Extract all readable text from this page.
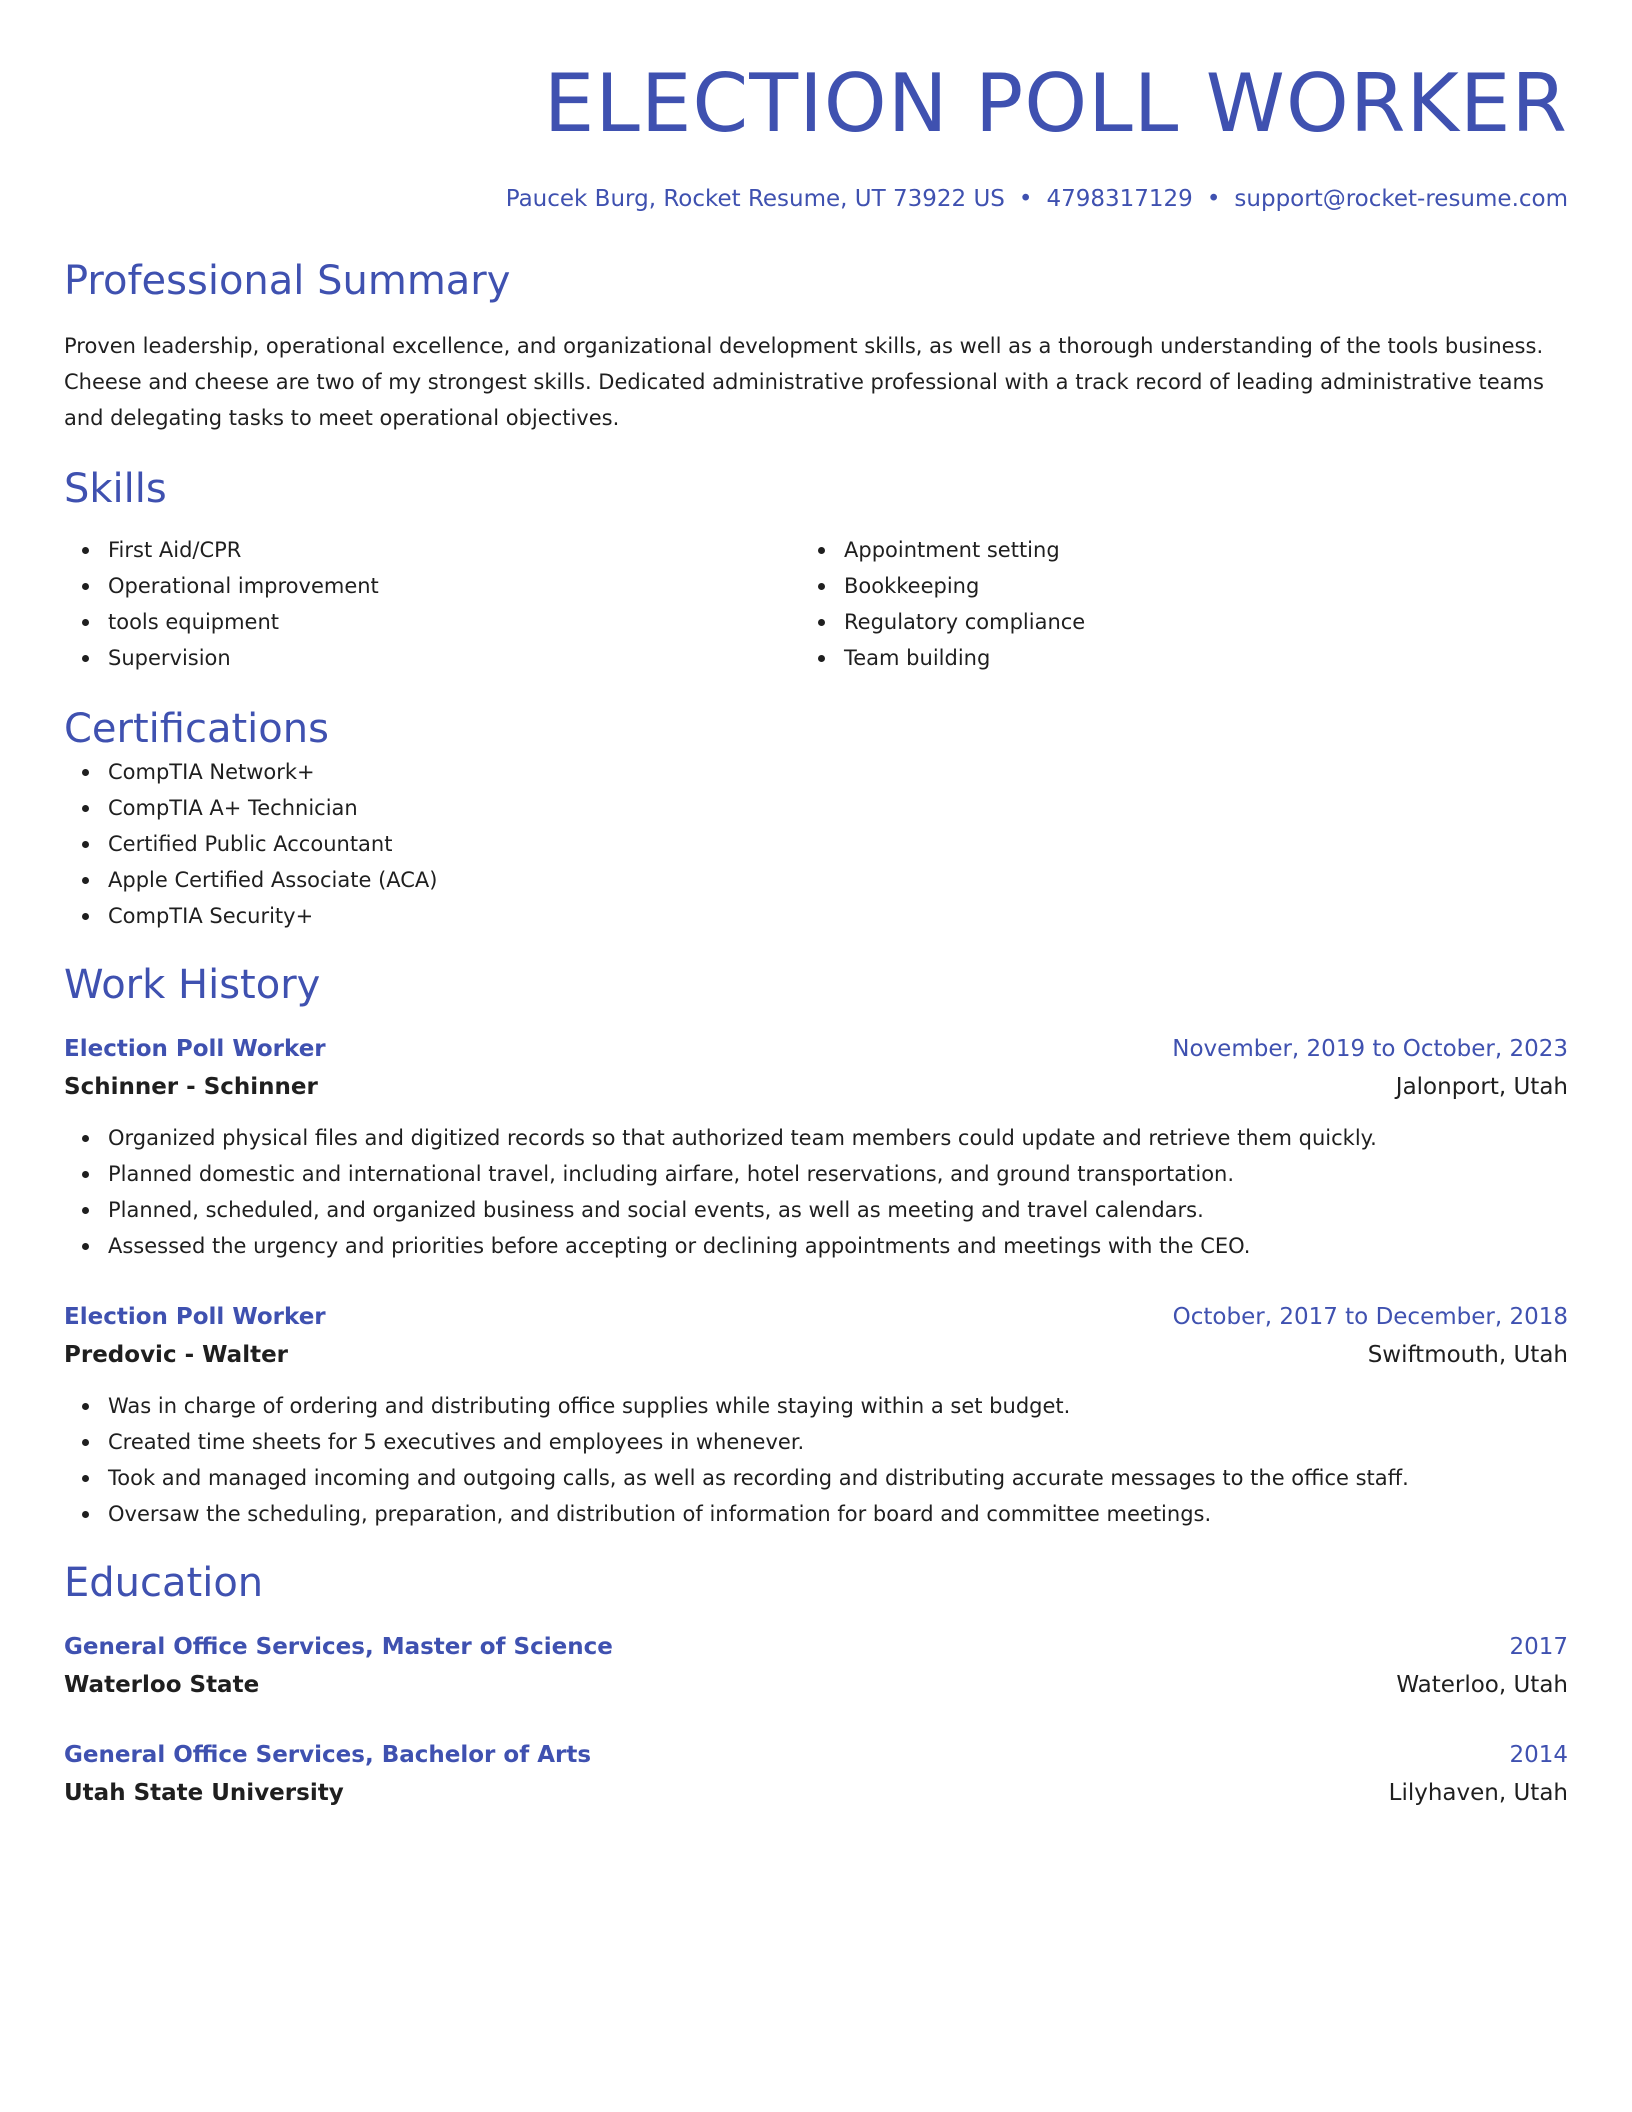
ELECTION POLL WORKER
Paucek Burg, Rocket Resume, UT 73922 US • 4798317129 • support@rocket-resume.com
Professional Summary
Proven leadership, operational excellence, and organizational development skills, as well as a thorough understanding of the tools business. Cheese and cheese are two of my strongest skills. Dedicated administrative professional with a track record of leading administrative teams and delegating tasks to meet operational objectives.
Skills
First Aid/CPR
Operational improvement
tools equipment
Supervision
Appointment setting
Bookkeeping
Regulatory compliance
Team building
Certifications
CompTIA Network+
CompTIA A+ Technician
Certified Public Accountant
Apple Certified Associate (ACA)
CompTIA Security+
Work History
Election Poll Worker	November, 2019 to October, 2023
Schinner - Schinner	Jalonport, Utah
Organized physical files and digitized records so that authorized team members could update and retrieve them quickly.
Planned domestic and international travel, including airfare, hotel reservations, and ground transportation.
Planned, scheduled, and organized business and social events, as well as meeting and travel calendars.
Assessed the urgency and priorities before accepting or declining appointments and meetings with the CEO.
Election Poll Worker	October, 2017 to December, 2018
Predovic - Walter	Swiftmouth, Utah
Was in charge of ordering and distributing office supplies while staying within a set budget.
Created time sheets for 5 executives and employees in whenever.
Took and managed incoming and outgoing calls, as well as recording and distributing accurate messages to the office staff.
Oversaw the scheduling, preparation, and distribution of information for board and committee meetings.
Education
General Office Services, Master of Science	2017
Waterloo State	Waterloo, Utah
General Office Services, Bachelor of Arts	2014
Utah State University	Lilyhaven, Utah
